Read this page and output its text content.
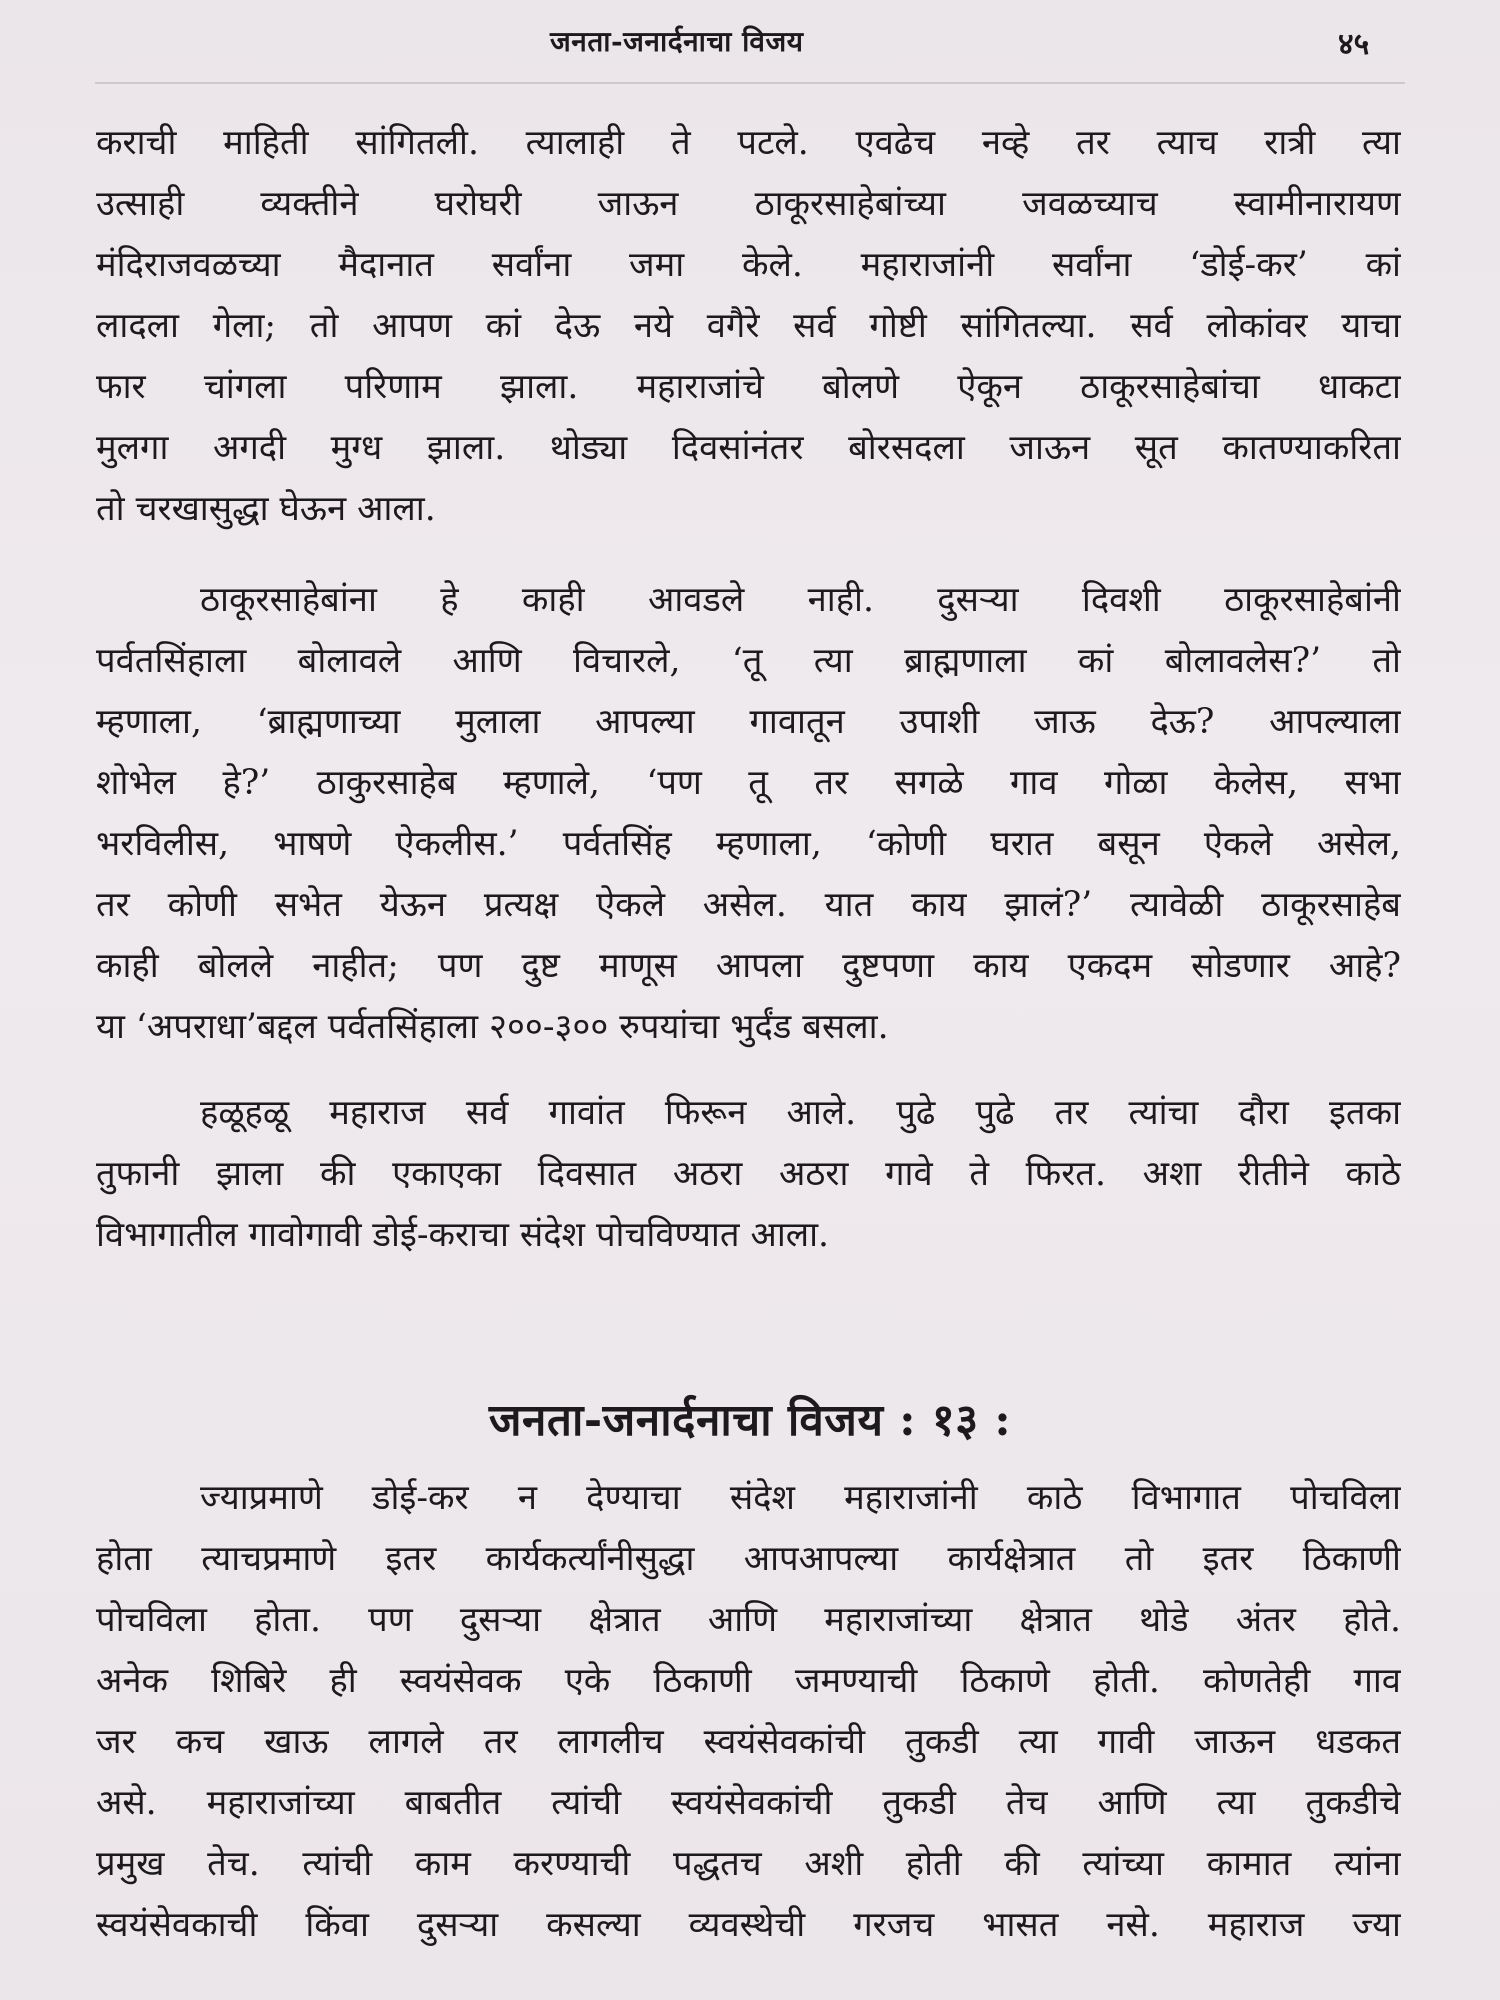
जनता-जनार्दनाचा विजय	४५
कराची माहिती सांगितली. त्यालाही ते पटले. एवढेच नव्हे तर त्याच रात्री त्या
उत्साही व्यक्तीने घरोघरी जाऊन ठाकूरसाहेबांच्या जवळच्याच स्वामीनारायण
मंदिराजवळच्या मैदानात सर्वांना जमा केले. महाराजांनी सर्वांना ‘डोई-कर’ कां
लादला गेला; तो आपण कां देऊ नये वगैरे सर्व गोष्टी सांगितल्या. सर्व लोकांवर याचा
फार चांगला परिणाम झाला. महाराजांचे बोलणे ऐकून ठाकूरसाहेबांचा धाकटा
मुलगा अगदी मुग्ध झाला. थोड्या दिवसांनंतर बोरसदला जाऊन सूत कातण्याकरिता
तो चरखासुद्धा घेऊन आला.
ठाकूरसाहेबांना हे काही आवडले नाही. दुसऱ्या दिवशी ठाकूरसाहेबांनी
पर्वतसिंहाला बोलावले आणि विचारले, ‘तू त्या ब्राह्मणाला कां बोलावलेस?’ तो
म्हणाला, ‘ब्राह्मणाच्या मुलाला आपल्या गावातून उपाशी जाऊ देऊ? आपल्याला
शोभेल हे?’ ठाकुरसाहेब म्हणाले, ‘पण तू तर सगळे गाव गोळा केलेस, सभा
भरविलीस, भाषणे ऐकलीस.’ पर्वतसिंह म्हणाला, ‘कोणी घरात बसून ऐकले असेल,
तर कोणी सभेत येऊन प्रत्यक्ष ऐकले असेल. यात काय झालं?’ त्यावेळी ठाकूरसाहेब
काही बोलले नाहीत; पण दुष्ट माणूस आपला दुष्टपणा काय एकदम सोडणार आहे?
या ‘अपराधा’बद्दल पर्वतसिंहाला २००-३०० रुपयांचा भुर्दंड बसला.
हळूहळू महाराज सर्व गावांत फिरून आले. पुढे पुढे तर त्यांचा दौरा इतका
तुफानी झाला की एकाएका दिवसात अठरा अठरा गावे ते फिरत. अशा रीतीने काठे
विभागातील गावोगावी डोई-कराचा संदेश पोचविण्यात आला.
जनता-जनार्दनाचा विजय : १३ :
ज्याप्रमाणे डोई-कर न देण्याचा संदेश महाराजांनी काठे विभागात पोचविला
होता त्याचप्रमाणे इतर कार्यकर्त्यांनीसुद्धा आपआपल्या कार्यक्षेत्रात तो इतर ठिकाणी
पोचविला होता. पण दुसऱ्या क्षेत्रात आणि महाराजांच्या क्षेत्रात थोडे अंतर होते.
अनेक शिबिरे ही स्वयंसेवक एके ठिकाणी जमण्याची ठिकाणे होती. कोणतेही गाव
जर कच खाऊ लागले तर लागलीच स्वयंसेवकांची तुकडी त्या गावी जाऊन धडकत
असे. महाराजांच्या बाबतीत त्यांची स्वयंसेवकांची तुकडी तेच आणि त्या तुकडीचे
प्रमुख तेच. त्यांची काम करण्याची पद्धतच अशी होती की त्यांच्या कामात त्यांना
स्वयंसेवकाची किंवा दुसऱ्या कसल्या व्यवस्थेची गरजच भासत नसे. महाराज ज्या
